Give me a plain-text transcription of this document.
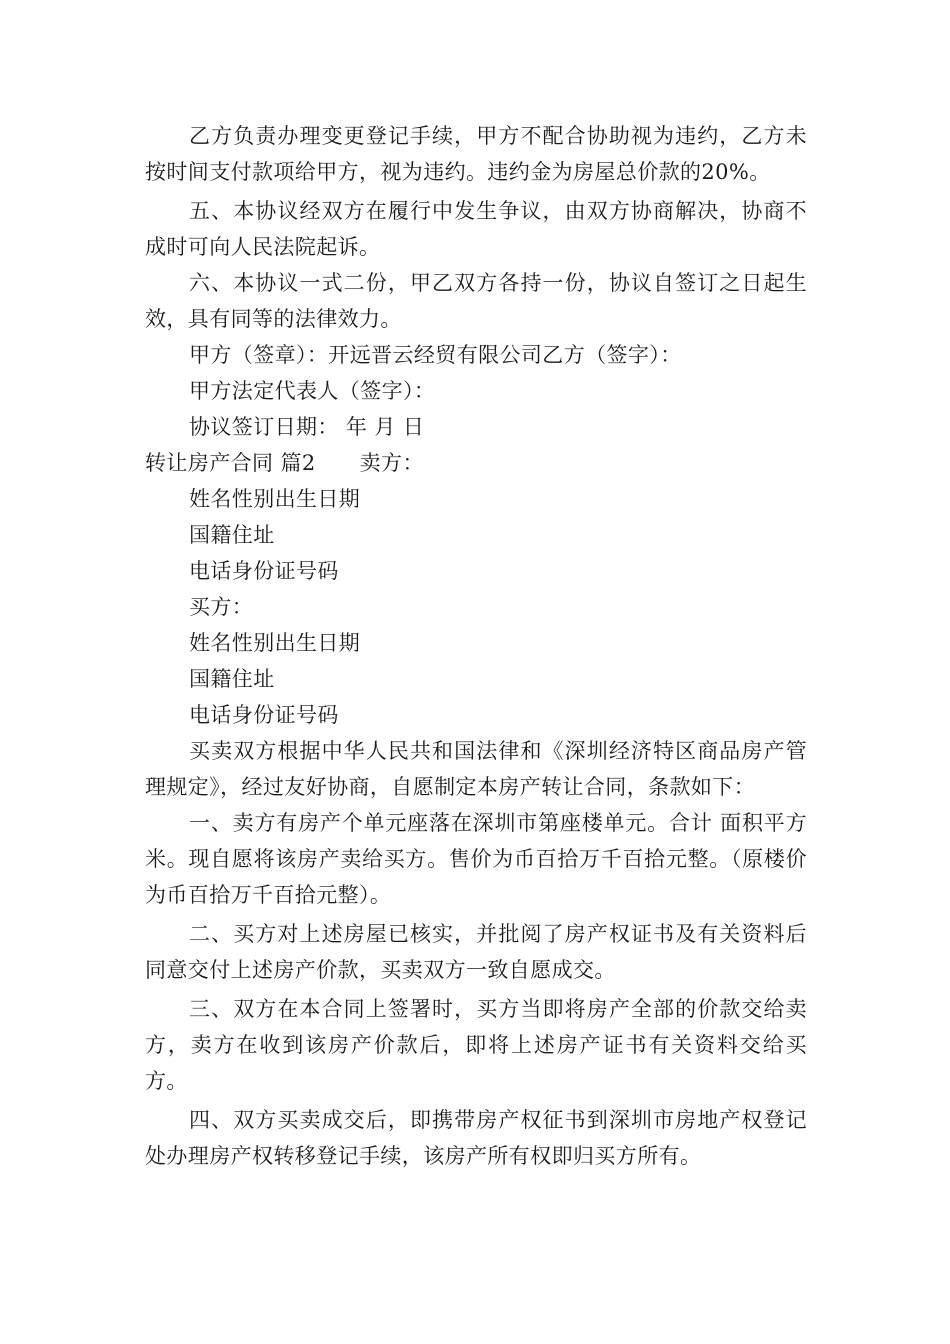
乙方负责办理变更登记手续，甲方不配合协助视为违约，乙方未按时间支付款项给甲方，视为违约。违约金为房屋总价款的20%。

五、本协议经双方在履行中发生争议，由双方协商解决，协商不成时可向人民法院起诉。

六、本协议一式二份，甲乙双方各持一份，协议自签订之日起生效，具有同等的法律效力。

甲方（签章）：开远晋云经贸有限公司乙方（签字）：

甲方法定代表人（签字）：

协议签订日期： 年 月 日

转让房产合同 篇2 卖方：

姓名性别出生日期

国籍住址

电话身份证号码

买方：

姓名性别出生日期

国籍住址

电话身份证号码

买卖双方根据中华人民共和国法律和《深圳经济特区商品房产管理规定》，经过友好协商，自愿制定本房产转让合同，条款如下：

一、卖方有房产个单元座落在深圳市第座楼单元。合计 面积平方米。现自愿将该房产卖给买方。售价为币百拾万千百拾元整。（原楼价为币百拾万千百拾元整）。

二、买方对上述房屋已核实，并批阅了房产权证书及有关资料后同意交付上述房产价款，买卖双方一致自愿成交。

三、双方在本合同上签署时，买方当即将房产全部的价款交给卖方，卖方在收到该房产价款后，即将上述房产证书有关资料交给买方。

四、双方买卖成交后，即携带房产权征书到深圳市房地产权登记处办理房产权转移登记手续，该房产所有权即归买方所有。
